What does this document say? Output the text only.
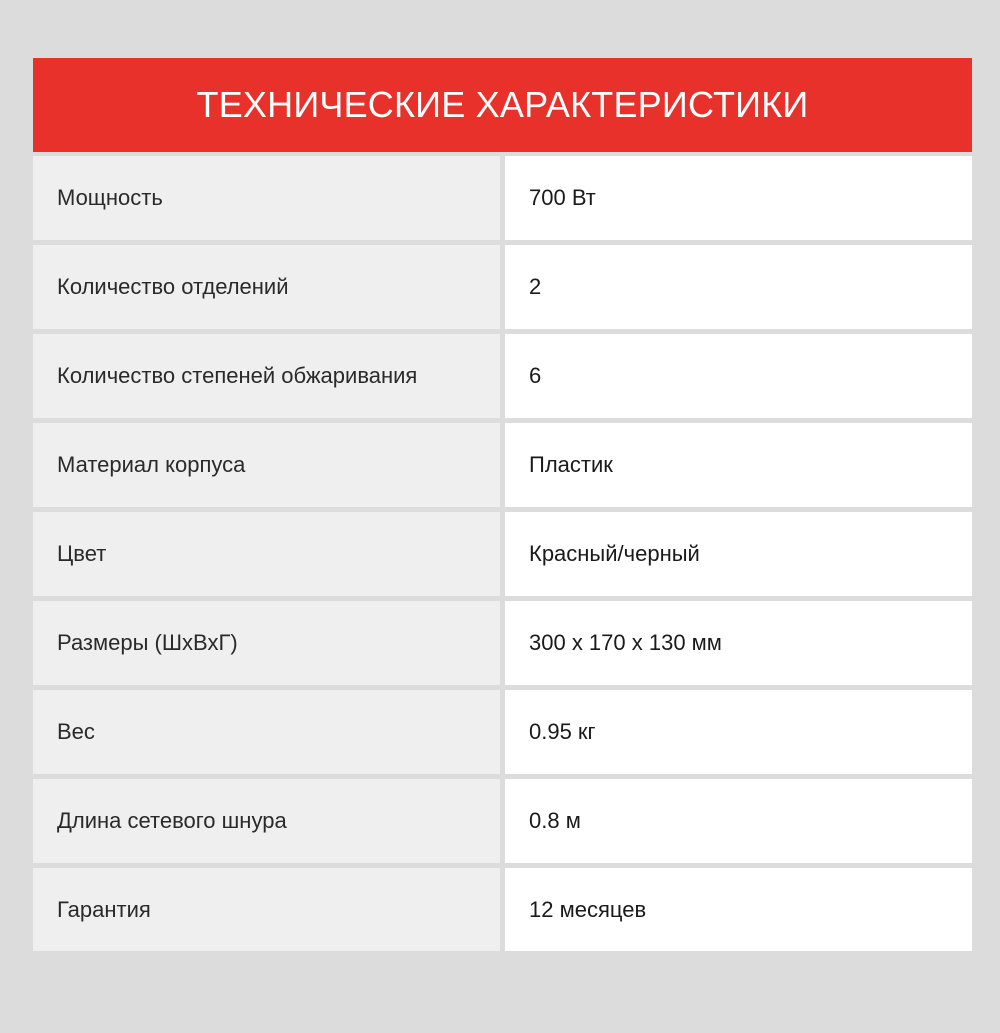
ТЕХНИЧЕСКИЕ ХАРАКТЕРИСТИКИ
Мощность	700 Вт
Количество отделений	2
Количество степеней обжаривания	6
Материал корпуса	Пластик
Цвет	Красный/черный
Размеры (ШхВхГ)	300 х 170 х 130 мм
Вес	0.95 кг
Длина сетевого шнура	0.8 м
Гарантия	12 месяцев
